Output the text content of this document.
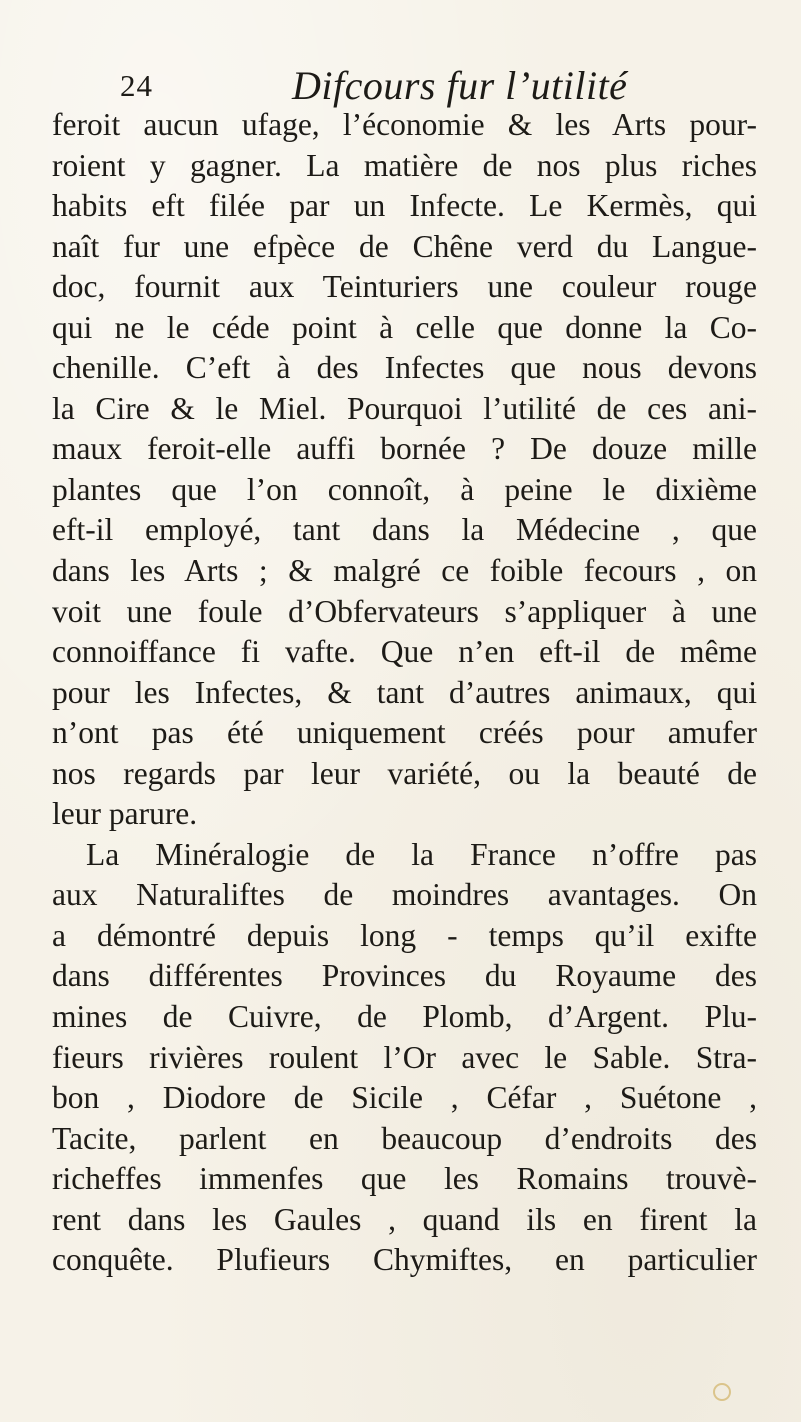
24	Difcours fur l’utilité
feroit aucun ufage, l’économie & les Arts pour-
roient y gagner. La matière de nos plus riches
habits eft filée par un Infecte. Le Kermès, qui
naît fur une efpèce de Chêne verd du Langue-
doc, fournit aux Teinturiers une couleur rouge
qui ne le céde point à celle que donne la Co-
chenille. C’eft à des Infectes que nous devons
la Cire & le Miel. Pourquoi l’utilité de ces ani-
maux feroit-elle auffi bornée ? De douze mille
plantes que l’on connoît, à peine le dixième
eft-il employé, tant dans la Médecine , que
dans les Arts ; & malgré ce foible fecours , on
voit une foule d’Obfervateurs s’appliquer à une
connoiffance fi vafte. Que n’en eft-il de même
pour les Infectes, & tant d’autres animaux, qui
n’ont pas été uniquement créés pour amufer
nos regards par leur variété, ou la beauté de
leur parure.
La Minéralogie de la France n’offre pas
aux Naturaliftes de moindres avantages. On
a démontré depuis long - temps qu’il exifte
dans différentes Provinces du Royaume des
mines de Cuivre, de Plomb, d’Argent. Plu-
fieurs rivières roulent l’Or avec le Sable. Stra-
bon , Diodore de Sicile , Céfar , Suétone ,
Tacite, parlent en beaucoup d’endroits des
richeffes immenfes que les Romains trouvè-
rent dans les Gaules , quand ils en firent la
conquête. Plufieurs Chymiftes, en particulier
